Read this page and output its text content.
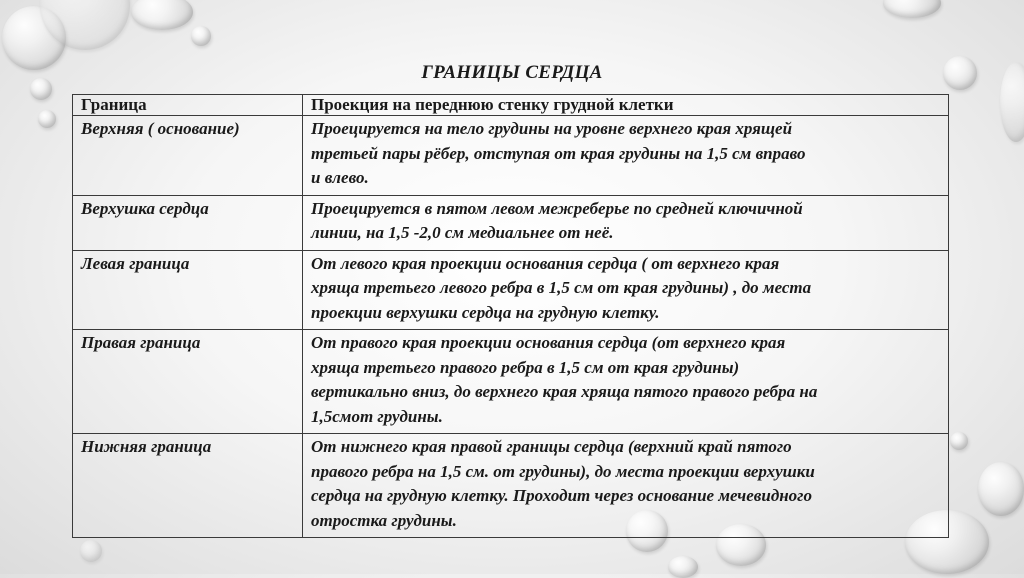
ГРАНИЦЫ СЕРДЦА
Граница	Проекция на переднюю стенку грудной клетки
Верхняя ( основание)	Проецируется на тело грудины на уровне верхнего края хрящей
третьей пары рёбер, отступая от края грудины на 1,5 см вправо
и влево.
Верхушка сердца	Проецируется в пятом левом межреберье по средней ключичной
линии, на 1,5 -2,0 см медиальнее от неё.
Левая граница	От левого края проекции основания сердца ( от верхнего края
хряща третьего левого ребра в 1,5 см от края грудины) , до места
проекции верхушки сердца на грудную клетку.
Правая граница	От правого края проекции основания сердца (от верхнего края
хряща третьего правого ребра в 1,5 см от края грудины)
вертикально вниз, до верхнего края хряща пятого правого ребра на
1,5смот грудины.
Нижняя граница	От нижнего края правой границы сердца (верхний край пятого
правого ребра на 1,5 см. от грудины), до места проекции верхушки
сердца на грудную клетку. Проходит через основание мечевидного
отростка грудины.
